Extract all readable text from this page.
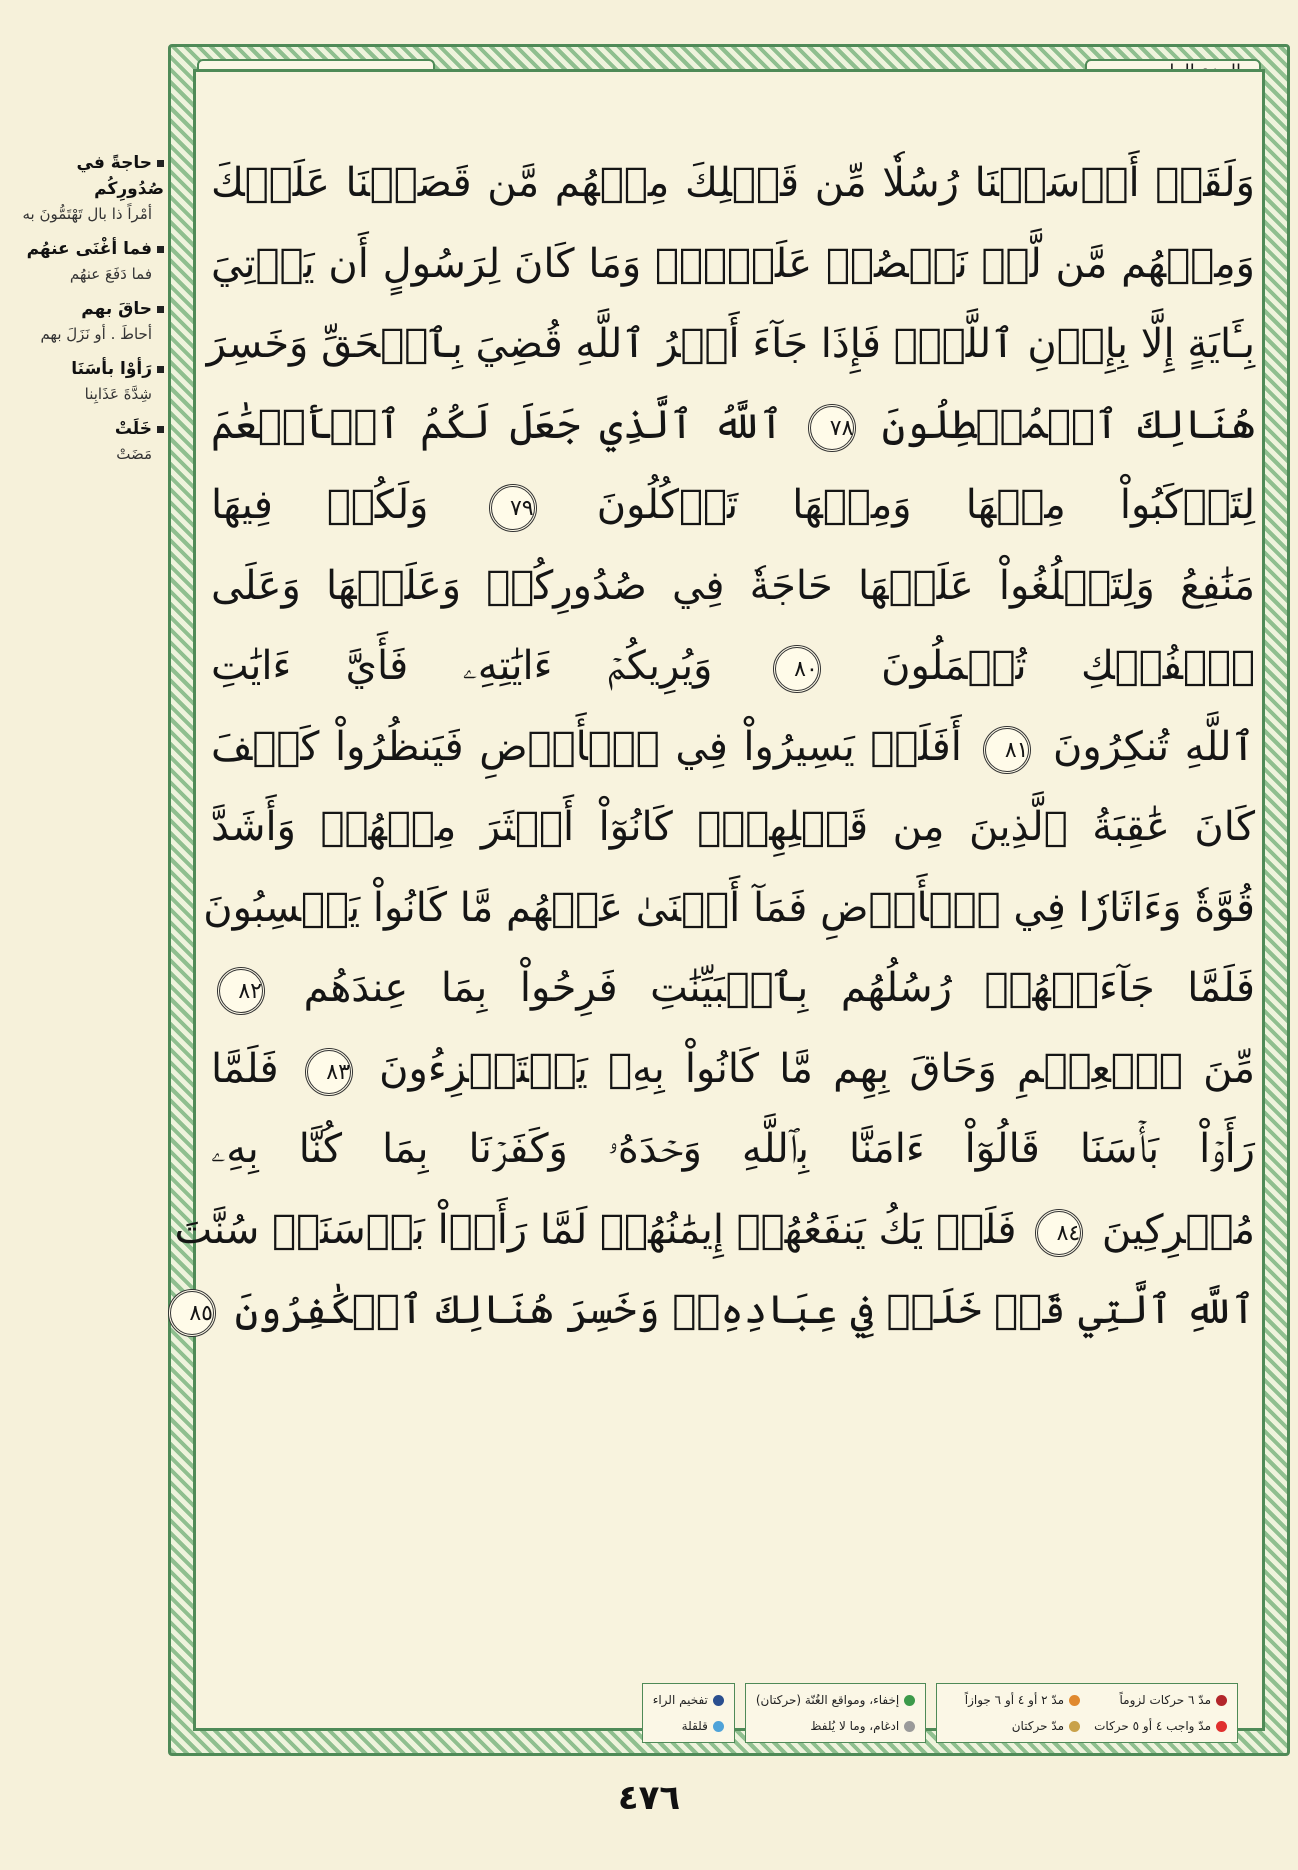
حاجةً في صُدُورِكُم
أمْراً ذا بال تَهْتَمُّونَ به
فما أغْنَى عنهُم
فما دَفَعَ عنهُم
حاقَ بهم
أحاطَ . أو نَزَلَ بهم
رَأوْا بأسَنَا
شِدَّةَ عَذَابِنا
خَلَتْ
مَضَتْ
وَلَقَدۡ أَرۡسَلۡنَا رُسُلٗا مِّن قَبۡلِكَ مِنۡهُم مَّن قَصَصۡنَا عَلَيۡكَ
وَمِنۡهُم مَّن لَّمۡ نَقۡصُصۡ عَلَيۡكَۗ وَمَا كَانَ لِرَسُولٍ أَن يَأۡتِيَ
بِـَٔايَةٍ إِلَّا بِإِذۡنِ ٱللَّهِۚ فَإِذَا جَآءَ أَمۡرُ ٱللَّهِ قُضِيَ بِٱلۡحَقِّ وَخَسِرَ
هُنَالِكَ ٱلۡمُبۡطِلُونَ ٧٨ ٱللَّهُ ٱلَّذِي جَعَلَ لَكُمُ ٱلۡأَنۡعَٰمَ
لِتَرۡكَبُواْ مِنۡهَا وَمِنۡهَا تَأۡكُلُونَ ٧٩ وَلَكُمۡ فِيهَا
مَنَٰفِعُ وَلِتَبۡلُغُواْ عَلَيۡهَا حَاجَةٗ فِي صُدُورِكُمۡ وَعَلَيۡهَا وَعَلَى
ٱلۡفُلۡكِ تُحۡمَلُونَ ٨٠ وَيُرِيكُمۡ ءَايَٰتِهِۦ فَأَيَّ ءَايَٰتِ
ٱللَّهِ تُنكِرُونَ ٨١ أَفَلَمۡ يَسِيرُواْ فِي ٱلۡأَرۡضِ فَيَنظُرُواْ كَيۡفَ
كَانَ عَٰقِبَةُ ٱلَّذِينَ مِن قَبۡلِهِمۡۚ كَانُوٓاْ أَكۡثَرَ مِنۡهُمۡ وَأَشَدَّ
قُوَّةٗ وَءَاثَارٗا فِي ٱلۡأَرۡضِ فَمَآ أَغۡنَىٰ عَنۡهُم مَّا كَانُواْ يَكۡسِبُونَ
فَلَمَّا جَآءَتۡهُمۡ رُسُلُهُم بِٱلۡبَيِّنَٰتِ فَرِحُواْ بِمَا عِندَهُم ٨٢
مِّنَ ٱلۡعِلۡمِ وَحَاقَ بِهِم مَّا كَانُواْ بِهِۦ يَسۡتَهۡزِءُونَ ٨٣ فَلَمَّا
رَأَوۡاْ بَأۡسَنَا قَالُوٓاْ ءَامَنَّا بِٱللَّهِ وَحۡدَهُۥ وَكَفَرۡنَا بِمَا كُنَّا بِهِۦ
مُشۡرِكِينَ ٨٤ فَلَمۡ يَكُ يَنفَعُهُمۡ إِيمَٰنُهُمۡ لَمَّا رَأَوۡاْ بَأۡسَنَاۖ سُنَّتَ
ٱللَّهِ ٱلَّتِي قَدۡ خَلَتۡ فِي عِبَادِهِۦۖ وَخَسِرَ هُنَالِكَ ٱلۡكَٰفِرُونَ ٨٥
مدّ ٦ حركات لزوماً
مدّ ٢ أو ٤ أو ٦ جوازاً
مدّ واجب ٤ أو ٥ حركات
مدّ حركتان
إخفاء، ومواقع الغُنّة (حركتان)
ادغام، وما لا يُلفظ
تفخيم الراء
قلقلة
٤٧٦
